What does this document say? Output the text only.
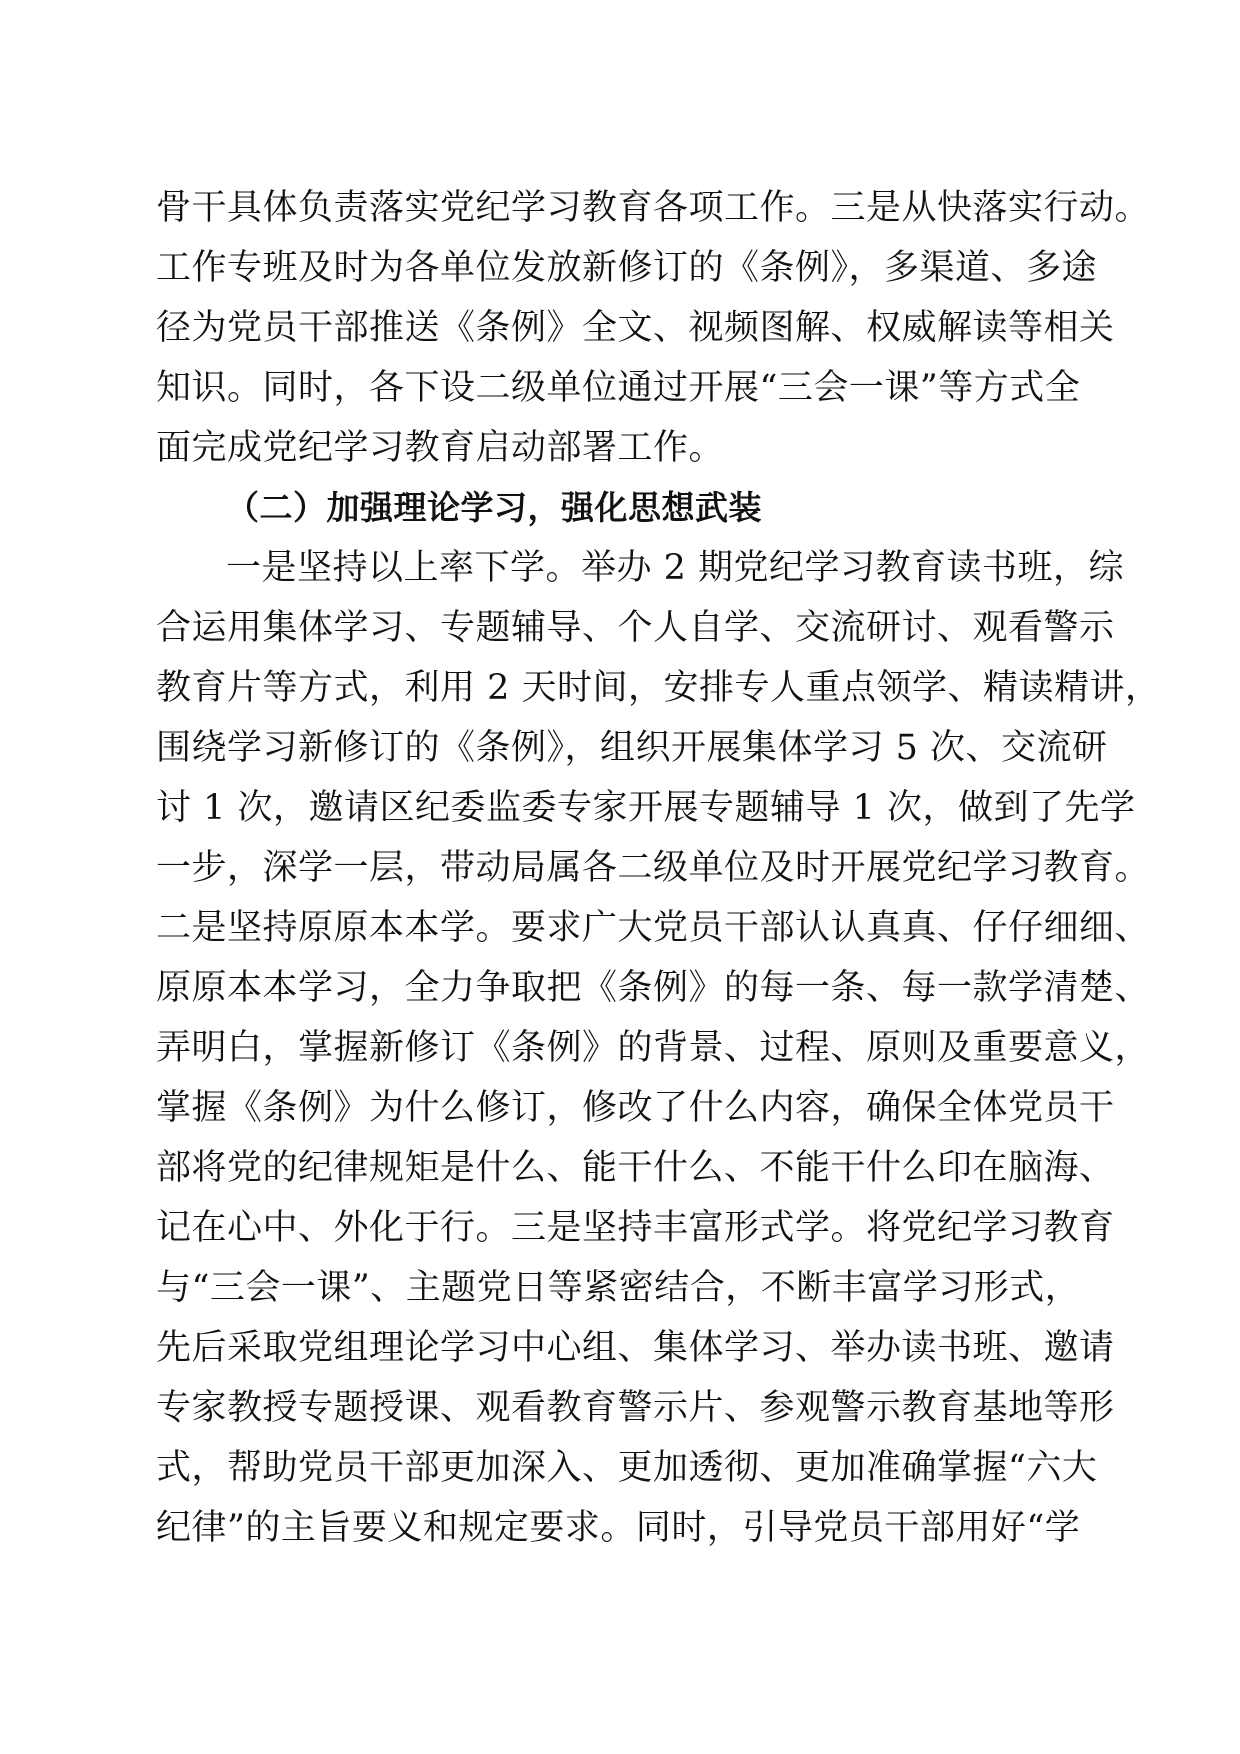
骨干具体负责落实党纪学习教育各项工作。三是从快落实行动。
工作专班及时为各单位发放新修订的《条例》，多渠道、多途
径为党员干部推送《条例》全文、视频图解、权威解读等相关
知识。同时，各下设二级单位通过开展“三会一课”等方式全
面完成党纪学习教育启动部署工作。
（二）加强理论学习，强化思想武装
一是坚持以上率下学。举办 2 期党纪学习教育读书班，综
合运用集体学习、专题辅导、个人自学、交流研讨、观看警示
教育片等方式，利用 2 天时间，安排专人重点领学、精读精讲，
围绕学习新修订的《条例》，组织开展集体学习 5 次、交流研
讨 1 次，邀请区纪委监委专家开展专题辅导 1 次，做到了先学
一步，深学一层，带动局属各二级单位及时开展党纪学习教育。
二是坚持原原本本学。要求广大党员干部认认真真、仔仔细细、
原原本本学习，全力争取把《条例》的每一条、每一款学清楚、
弄明白，掌握新修订《条例》的背景、过程、原则及重要意义，
掌握《条例》为什么修订，修改了什么内容，确保全体党员干
部将党的纪律规矩是什么、能干什么、不能干什么印在脑海、
记在心中、外化于行。三是坚持丰富形式学。将党纪学习教育
与“三会一课”、主题党日等紧密结合，不断丰富学习形式，
先后采取党组理论学习中心组、集体学习、举办读书班、邀请
专家教授专题授课、观看教育警示片、参观警示教育基地等形
式，帮助党员干部更加深入、更加透彻、更加准确掌握“六大
纪律”的主旨要义和规定要求。同时，引导党员干部用好“学
